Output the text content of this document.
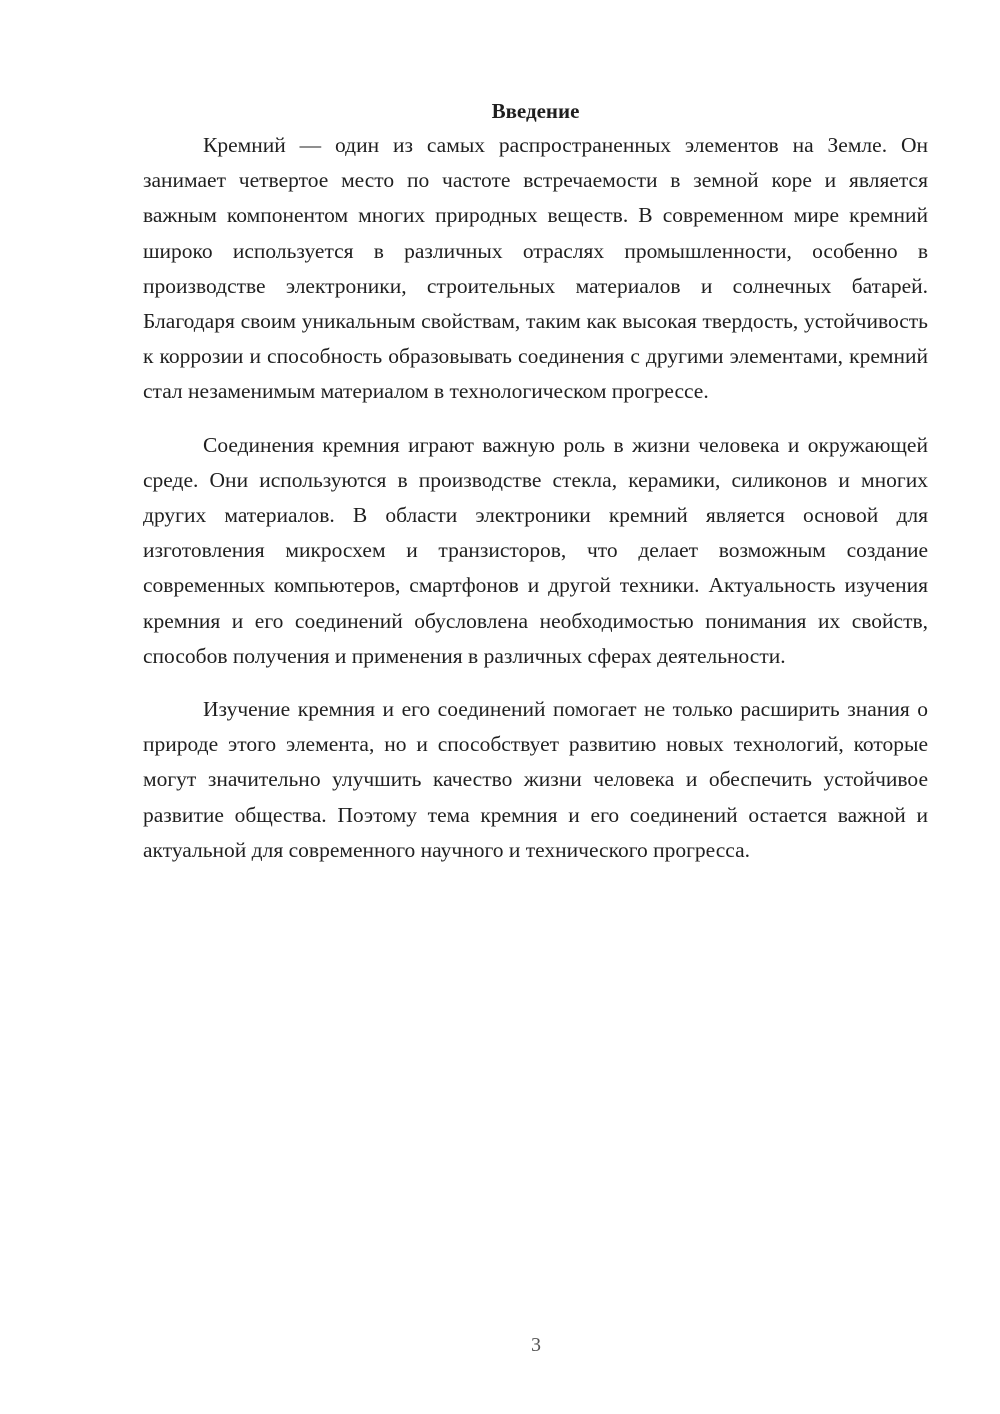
Введение

Кремний — один из самых распространенных элементов на Земле. Он занимает четвертое место по частоте встречаемости в земной коре и является важным компонентом многих природных веществ. В современном мире кремний широко используется в различных отраслях промышленности, особенно в производстве электроники, строительных материалов и солнечных батарей. Благодаря своим уникальным свойствам, таким как высокая твердость, устойчивость к коррозии и способность образовывать соединения с другими элементами, кремний стал незаменимым материалом в технологическом прогрессе.

Соединения кремния играют важную роль в жизни человека и окружающей среде. Они используются в производстве стекла, керамики, силиконов и многих других материалов. В области электроники кремний является основой для изготовления микросхем и транзисторов, что делает возможным создание современных компьютеров, смартфонов и другой техники. Актуальность изучения кремния и его соединений обусловлена необходимостью понимания их свойств, способов получения и применения в различных сферах деятельности.

Изучение кремния и его соединений помогает не только расширить знания о природе этого элемента, но и способствует развитию новых технологий, которые могут значительно улучшить качество жизни человека и обеспечить устойчивое развитие общества. Поэтому тема кремния и его соединений остается важной и актуальной для современного научного и технического прогресса.

3
